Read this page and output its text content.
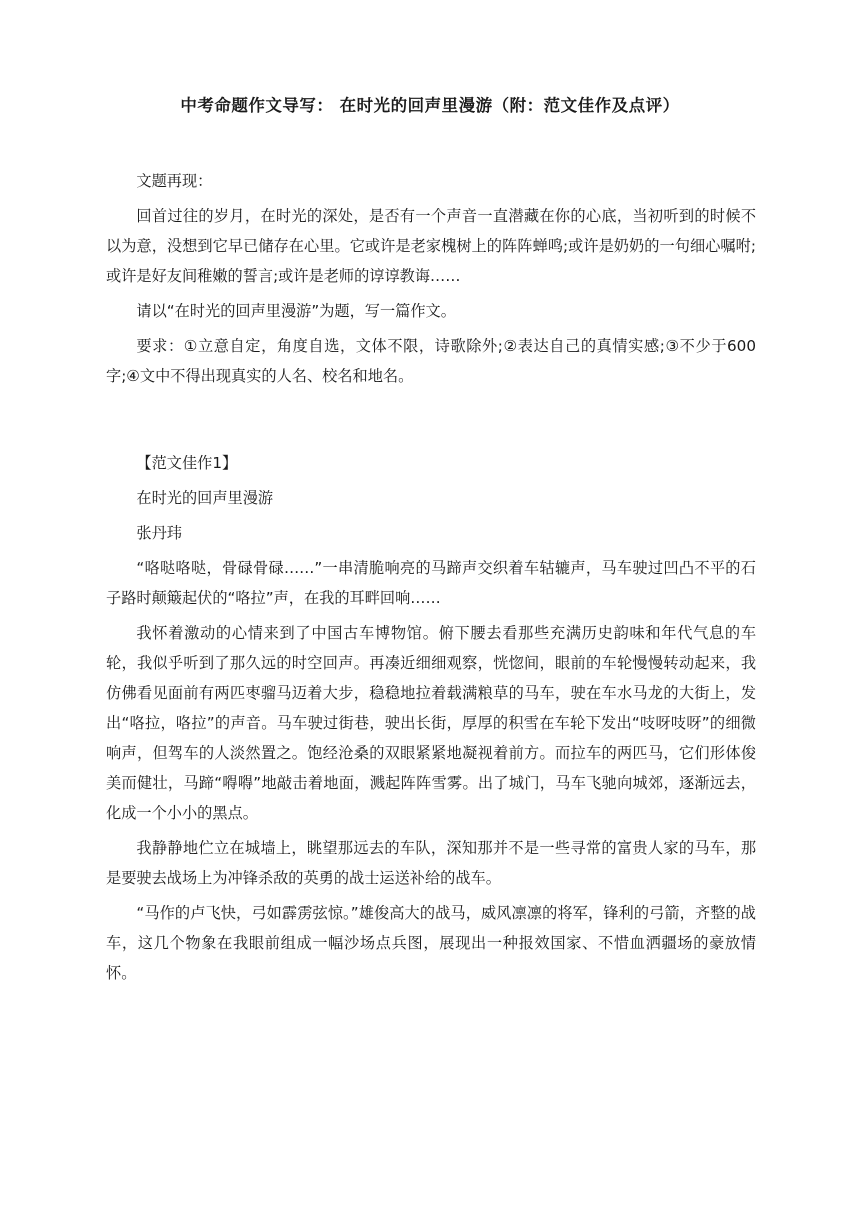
中考命题作文导写： 在时光的回声里漫游（附：范文佳作及点评）

文题再现：

回首过往的岁月，在时光的深处，是否有一个声音一直潜藏在你的心底，当初听到的时候不以为意，没想到它早已储存在心里。它或许是老家槐树上的阵阵蝉鸣;或许是奶奶的一句细心嘱咐;或许是好友间稚嫩的誓言;或许是老师的谆谆教诲……

请以“在时光的回声里漫游”为题，写一篇作文。

要求：①立意自定，角度自选，文体不限，诗歌除外;②表达自己的真情实感;③不少于600字;④文中不得出现真实的人名、校名和地名。

【范文佳作1】

在时光的回声里漫游

张丹玮

“咯哒咯哒，骨碌骨碌……”一串清脆响亮的马蹄声交织着车轱辘声，马车驶过凹凸不平的石子路时颠簸起伏的“咯拉”声，在我的耳畔回响……

我怀着激动的心情来到了中国古车博物馆。俯下腰去看那些充满历史韵味和年代气息的车轮，我似乎听到了那久远的时空回声。再凑近细细观察，恍惚间，眼前的车轮慢慢转动起来，我仿佛看见面前有两匹枣骝马迈着大步，稳稳地拉着载满粮草的马车，驶在车水马龙的大街上，发出“咯拉，咯拉”的声音。马车驶过街巷，驶出长街，厚厚的积雪在车轮下发出“吱呀吱呀”的细微响声，但驾车的人淡然置之。饱经沧桑的双眼紧紧地凝视着前方。而拉车的两匹马，它们形体俊美而健壮，马蹄“嘚嘚”地敲击着地面，溅起阵阵雪雾。出了城门，马车飞驰向城郊，逐渐远去，化成一个小小的黑点。

我静静地伫立在城墙上，眺望那远去的车队，深知那并不是一些寻常的富贵人家的马车，那是要驶去战场上为冲锋杀敌的英勇的战士运送补给的战车。

“马作的卢飞快，弓如霹雳弦惊。”雄俊高大的战马，威风凛凛的将军，锋利的弓箭，齐整的战车，这几个物象在我眼前组成一幅沙场点兵图，展现出一种报效国家、不惜血洒疆场的豪放情怀。
